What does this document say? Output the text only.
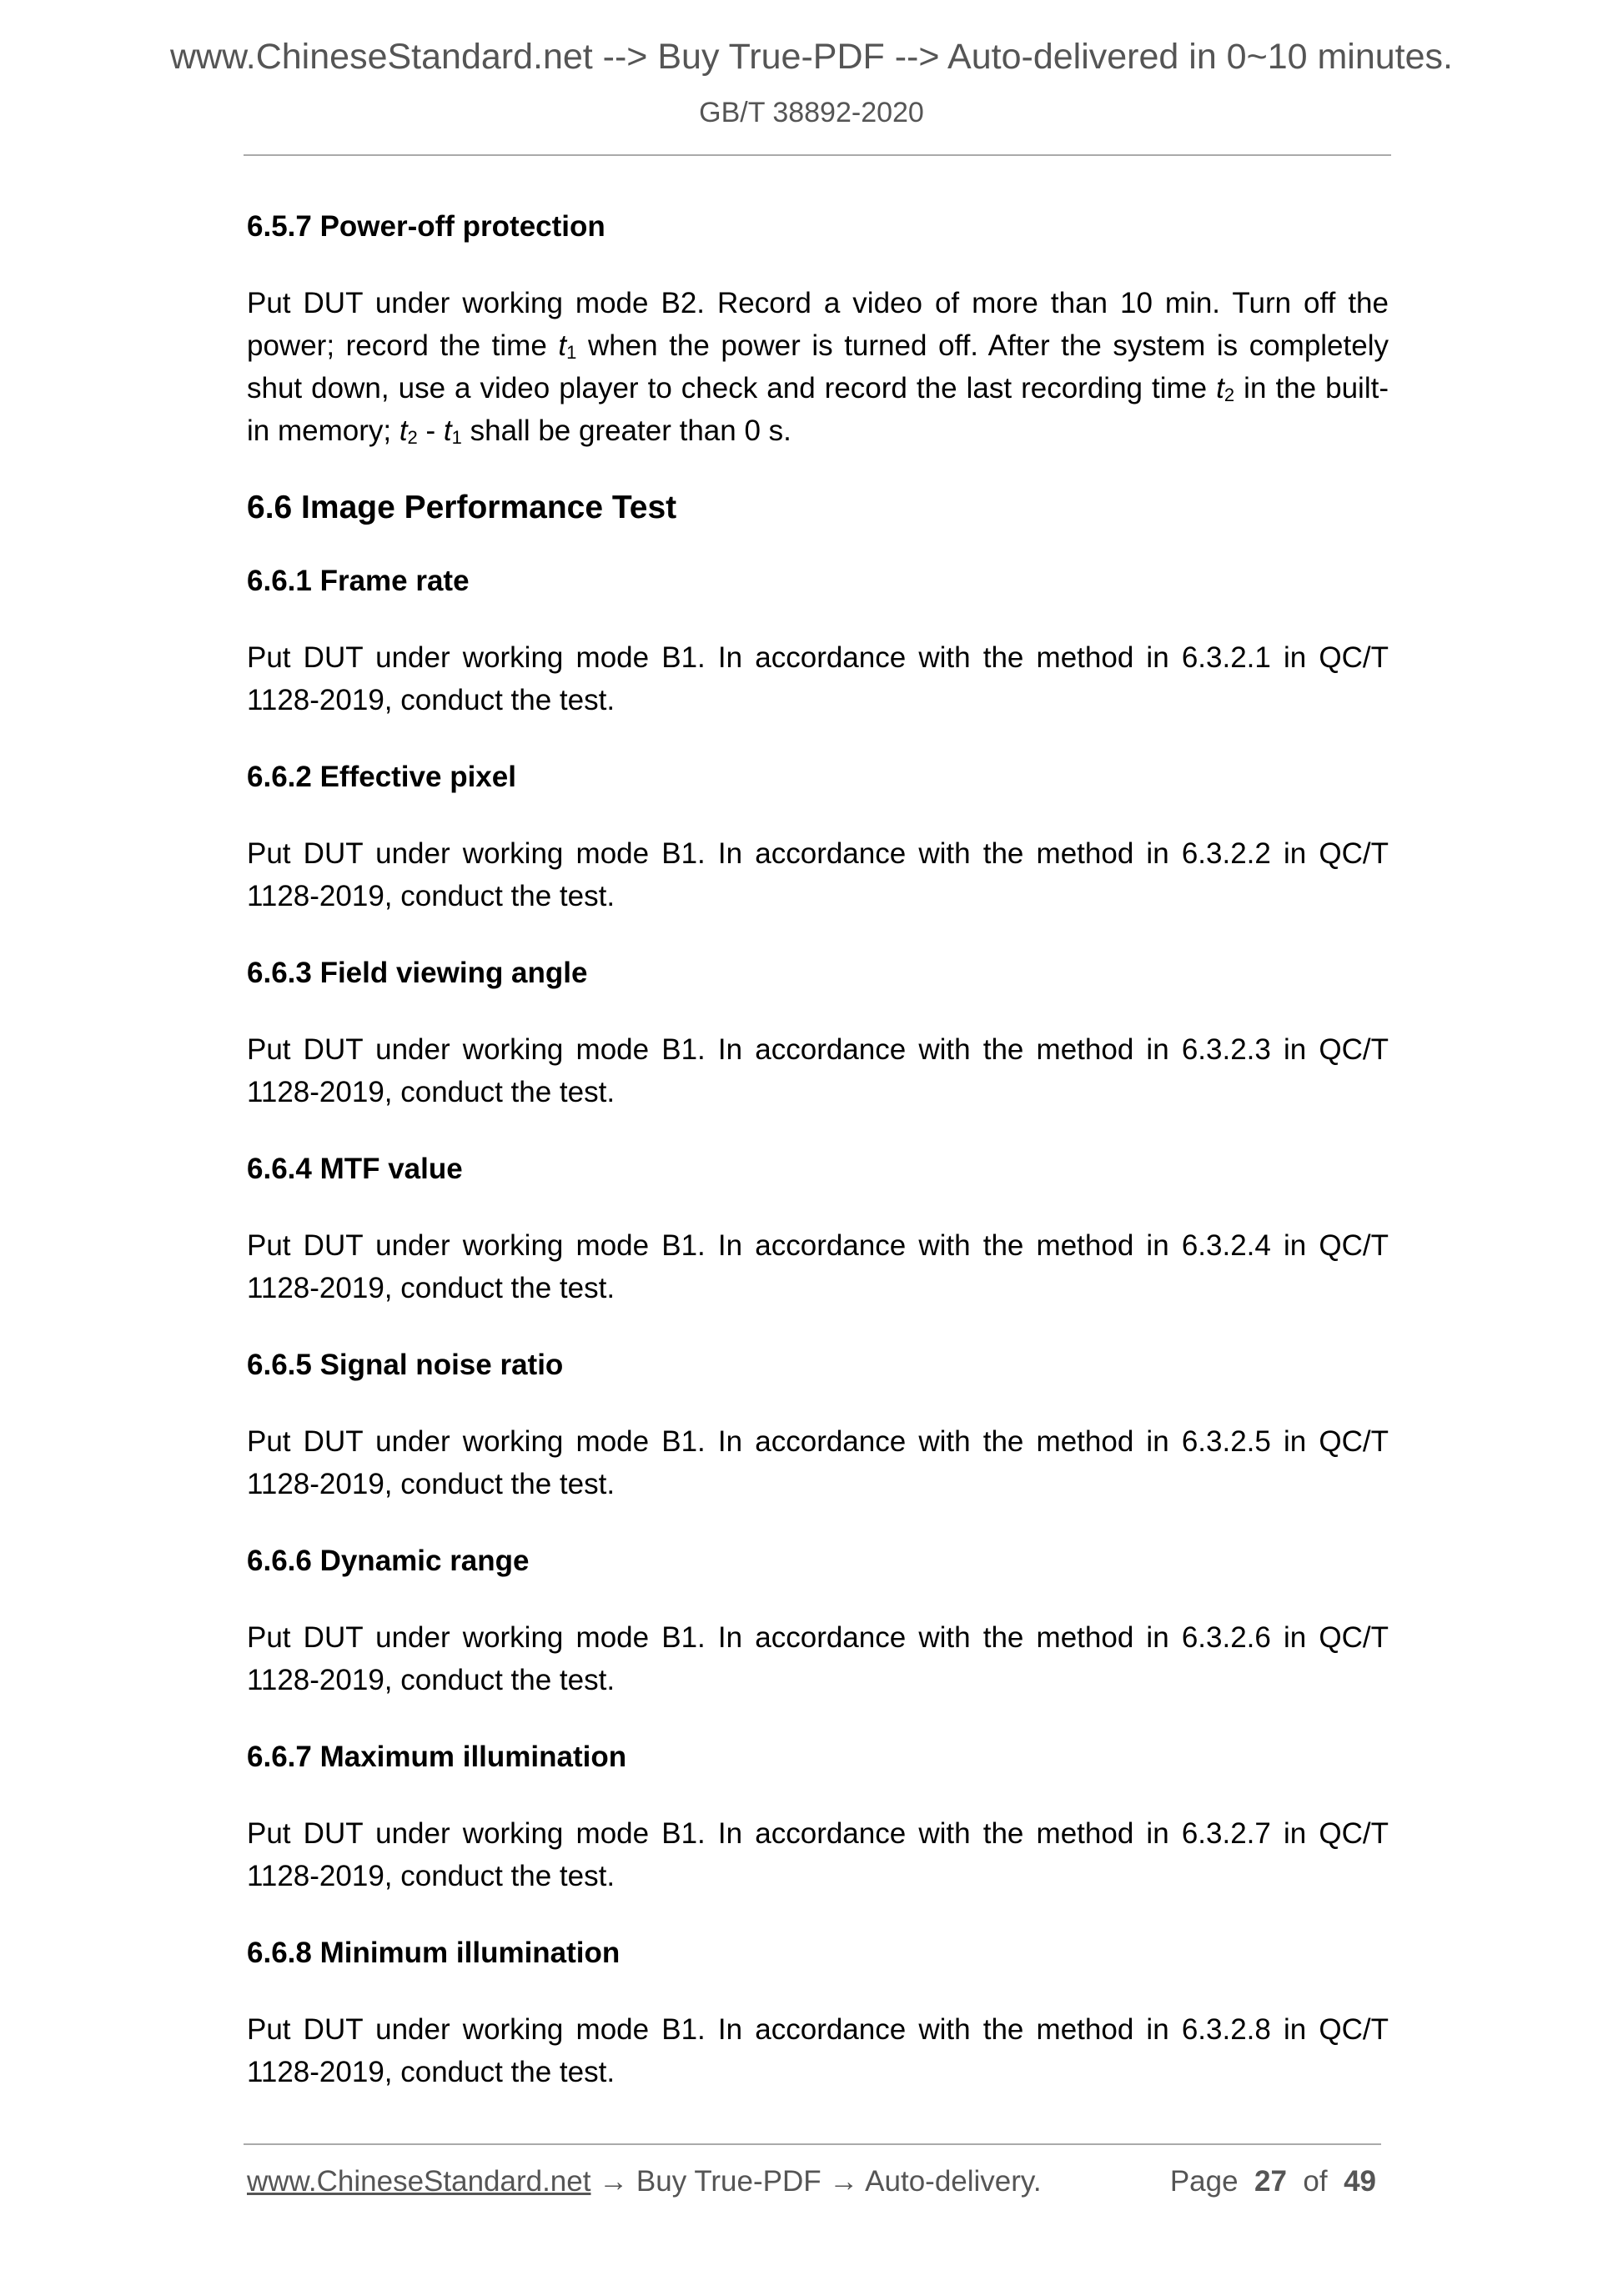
www.ChineseStandard.net --> Buy True-PDF --> Auto-delivered in 0~10 minutes.
GB/T 38892-2020
6.5.7 Power-off protection
Put DUT under working mode B2. Record a video of more than 10 min. Turn off the power; record the time $t_1$ when the power is turned off. After the system is completely shut down, use a video player to check and record the last recording time $t_2$ in the built-in memory; $t_2 - t_1$ shall be greater than 0 s.
6.6 Image Performance Test
6.6.1 Frame rate
Put DUT under working mode B1. In accordance with the method in 6.3.2.1 in QC/T 1128-2019, conduct the test.
6.6.2 Effective pixel
Put DUT under working mode B1. In accordance with the method in 6.3.2.2 in QC/T 1128-2019, conduct the test.
6.6.3 Field viewing angle
Put DUT under working mode B1. In accordance with the method in 6.3.2.3 in QC/T 1128-2019, conduct the test.
6.6.4 MTF value
Put DUT under working mode B1. In accordance with the method in 6.3.2.4 in QC/T 1128-2019, conduct the test.
6.6.5 Signal noise ratio
Put DUT under working mode B1. In accordance with the method in 6.3.2.5 in QC/T 1128-2019, conduct the test.
6.6.6 Dynamic range
Put DUT under working mode B1. In accordance with the method in 6.3.2.6 in QC/T 1128-2019, conduct the test.
6.6.7 Maximum illumination
Put DUT under working mode B1. In accordance with the method in 6.3.2.7 in QC/T 1128-2019, conduct the test.
6.6.8 Minimum illumination
Put DUT under working mode B1. In accordance with the method in 6.3.2.8 in QC/T 1128-2019, conduct the test.
www.ChineseStandard.net → Buy True-PDF → Auto-delivery.	Page 27 of 49
